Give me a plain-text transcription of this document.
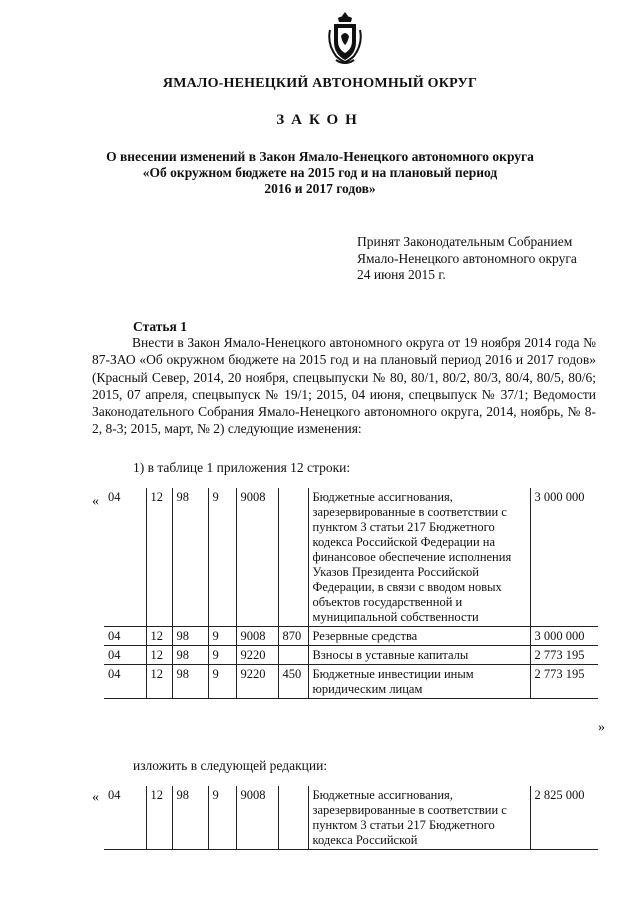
ЯМАЛО-НЕНЕЦКИЙ АВТОНОМНЫЙ ОКРУГ
ЗАКОН
О внесении изменений в Закон Ямало-Ненецкого автономного округа
«Об окружном бюджете на 2015 год и на плановый период
2016 и 2017 годов»
Принят Законодательным Собранием
Ямало-Ненецкого автономного округа
24 июня 2015 г.
Статья 1
Внести в Закон Ямало-Ненецкого автономного округа от 19 ноября 2014 года № 87-ЗАО «Об окружном бюджете на 2015 год и на плановый период 2016 и 2017 годов» (Красный Север, 2014, 20 ноября, спецвыпуски № 80, 80/1, 80/2, 80/3, 80/4, 80/5, 80/6; 2015, 07 апреля, спецвыпуск № 19/1; 2015, 04 июня, спецвыпуск № 37/1; Ведомости Законодательного Собрания Ямало-Ненецкого автономного округа, 2014, ноябрь, № 8-2, 8-3; 2015, март, № 2) следующие изменения:
1) в таблице 1 приложения 12 строки:
« 04	12	98	9	9008		Бюджетные ассигнования, зарезервированные в соответствии с пунктом 3 статьи 217 Бюджетного кодекса Российской Федерации на финансовое обеспечение исполнения Указов Президента Российской Федерации, в связи с вводом новых объектов государственной и муниципальной собственности	3 000 000
04	12	98	9	9008	870	Резервные средства	3 000 000
04	12	98	9	9220		Взносы в уставные капиталы	2 773 195
04	12	98	9	9220	450	Бюджетные инвестиции иным юридическим лицам	2 773 195
»
изложить в следующей редакции:
« 04	12	98	9	9008		Бюджетные ассигнования, зарезервированные в соответствии с пунктом 3 статьи 217 Бюджетного кодекса Российской	2 825 000
